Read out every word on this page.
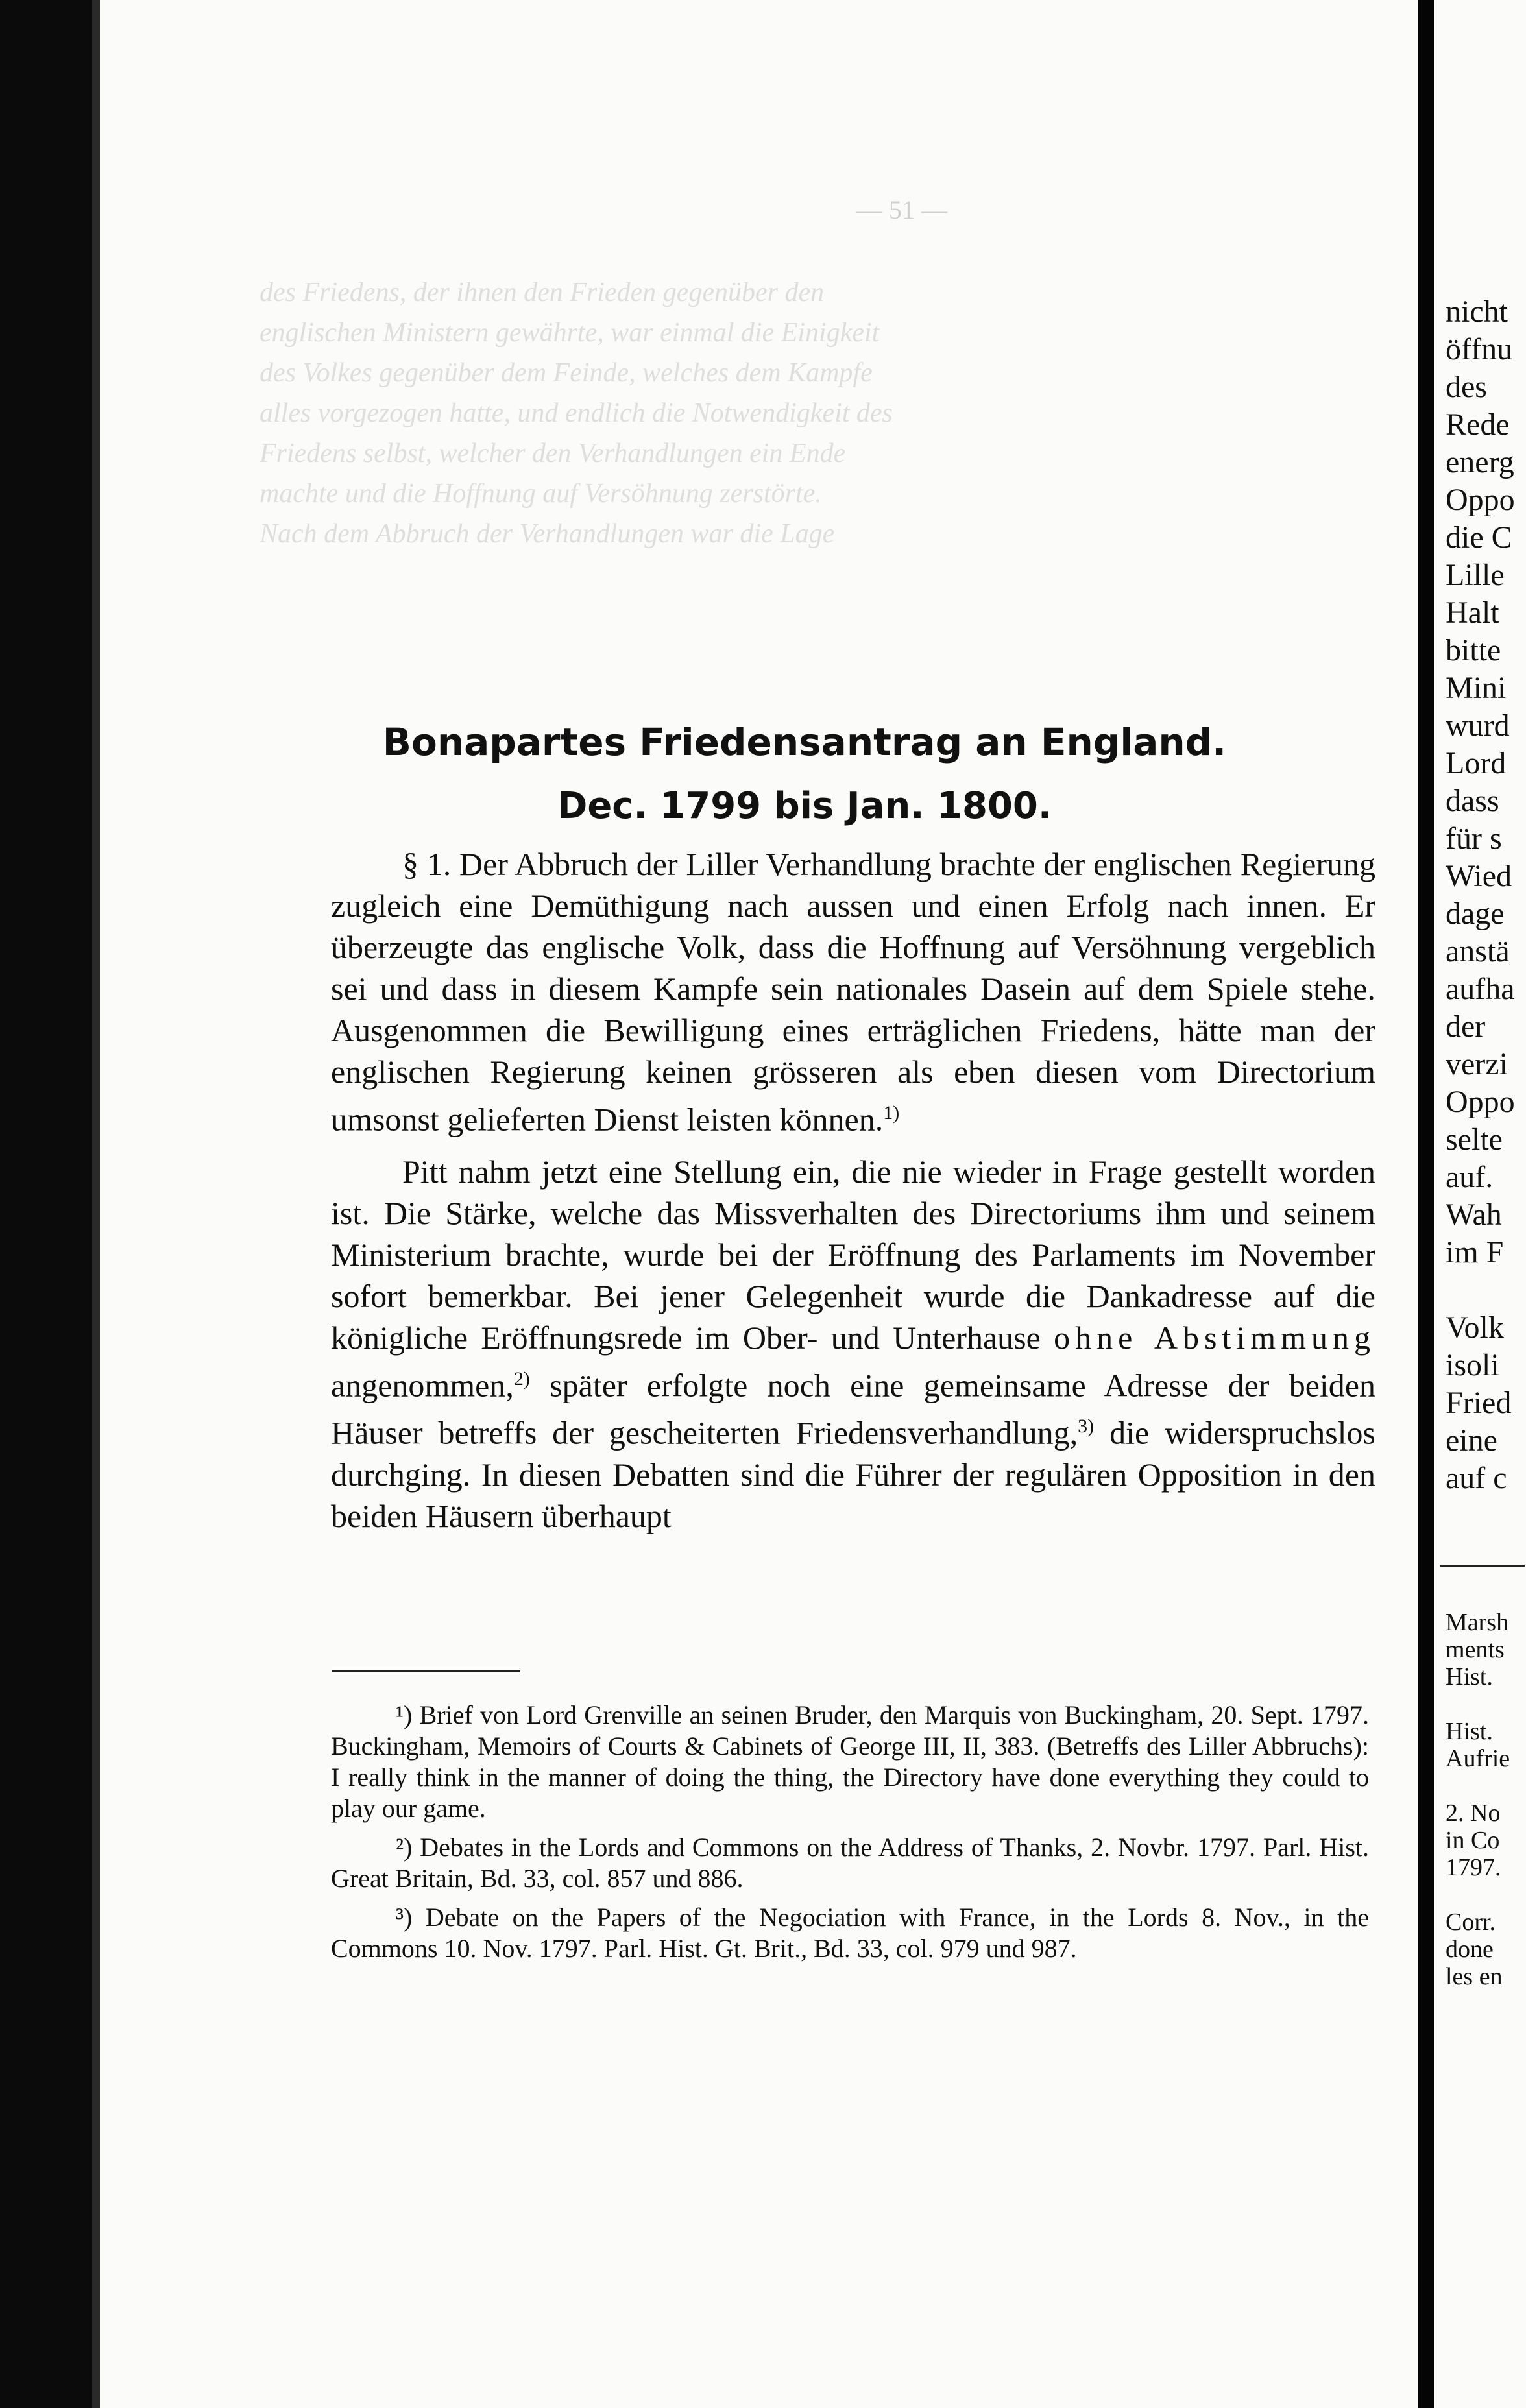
— 51 —
des Friedens, der ihnen den Frieden gegenüber den
englischen Ministern gewährte, war einmal die Einigkeit
des Volkes gegenüber dem Feinde, welches dem Kampfe
alles vorgezogen hatte, und endlich die Notwendigkeit des
Friedens selbst, welcher den Verhandlungen ein Ende
machte und die Hoffnung auf Versöhnung zerstörte.
Nach dem Abbruch der Verhandlungen war die Lage
Bonapartes Friedensantrag an England.
Dec. 1799 bis Jan. 1800.

§ 1. Der Abbruch der Liller Verhandlung brachte der englischen Regierung zugleich eine Demüthigung nach aussen und einen Erfolg nach innen. Er überzeugte das englische Volk, dass die Hoffnung auf Versöhnung vergeblich sei und dass in diesem Kampfe sein nationales Dasein auf dem Spiele stehe. Ausgenommen die Bewilligung eines erträglichen Friedens, hätte man der englischen Regierung keinen grösseren als eben diesen vom Directorium umsonst gelieferten Dienst leisten können.$^{1)}$

Pitt nahm jetzt eine Stellung ein, die nie wieder in Frage gestellt worden ist. Die Stärke, welche das Missverhalten des Directoriums ihm und seinem Ministerium brachte, wurde bei der Eröffnung des Parlaments im November sofort bemerkbar. Bei jener Gelegenheit wurde die Dankadresse auf die königliche Eröffnungsrede im Ober- und Unterhause ohne Abstimmung angenommen,$^{2)}$ später erfolgte noch eine gemeinsame Adresse der beiden Häuser betreffs der gescheiterten Friedensverhandlung,$^{3)}$ die widerspruchslos durchging. In diesen Debatten sind die Führer der regulären Opposition in den beiden Häusern überhaupt

¹) Brief von Lord Grenville an seinen Bruder, den Marquis von Buckingham, 20. Sept. 1797. Buckingham, Memoirs of Courts & Cabinets of George III, II, 383. (Betreffs des Liller Abbruchs): I really think in the manner of doing the thing, the Directory have done everything they could to play our game.

²) Debates in the Lords and Commons on the Address of Thanks, 2. Novbr. 1797. Parl. Hist. Great Britain, Bd. 33, col. 857 und 886.

³) Debate on the Papers of the Negociation with France, in the Lords 8. Nov., in the Commons 10. Nov. 1797. Parl. Hist. Gt. Brit., Bd. 33, col. 979 und 987.

nicht
öffnu
des
Rede
energ
Oppo
die C
Lille
Halt
bitte
Mini
wurd
Lord
dass
für s
Wied
dage
anstä
aufha
der
verzi
Oppo
selte
auf.
Wah
im F
Volk
isoli
Fried
eine
auf c
Marsh
ments
Hist.
Hist.
Aufrie
2. No
in Co
1797.
Corr.
done
les en
